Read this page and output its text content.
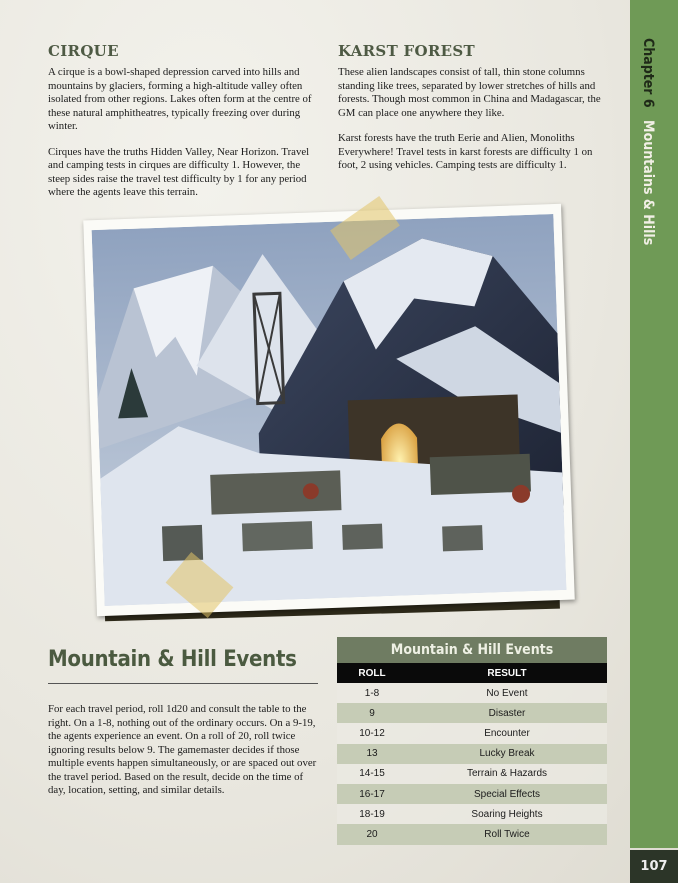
CIRQUE

A cirque is a bowl-shaped depression carved into hills and mountains by glaciers, forming a high-altitude valley often isolated from other regions. Lakes often form at the centre of these natural amphitheatres, typically freezing over during winter.

Cirques have the truths Hidden Valley, Near Horizon. Travel and camping tests in cirques are difficulty 1. However, the steep sides raise the travel test difficulty by 1 for any period where the agents leave this terrain.

KARST FOREST

These alien landscapes consist of tall, thin stone columns standing like trees, separated by lower stretches of hills and forests. Though most common in China and Madagascar, the GM can place one anywhere they like.

Karst forests have the truth Eerie and Alien, Monoliths Everywhere! Travel tests in karst forests are difficulty 1 on foot, 2 using vehicles. Camping tests are difficulty 1.

Chapter 6 Mountains & Hills
107
Mountain & Hill Events

For each travel period, roll 1d20 and consult the table to the right. On a 1-8, nothing out of the ordinary occurs. On a 9-19, the agents experience an event. On a roll of 20, roll twice ignoring results below 9. The gamemaster decides if those multiple events happen simultaneously, or are spaced out over the travel period. Based on the result, decide on the time of day, location, setting, and similar details.

Mountain & Hill Events
ROLL	RESULT
1-8	No Event
9	Disaster
10-12	Encounter
13	Lucky Break
14-15	Terrain & Hazards
16-17	Special Effects
18-19	Soaring Heights
20	Roll Twice
